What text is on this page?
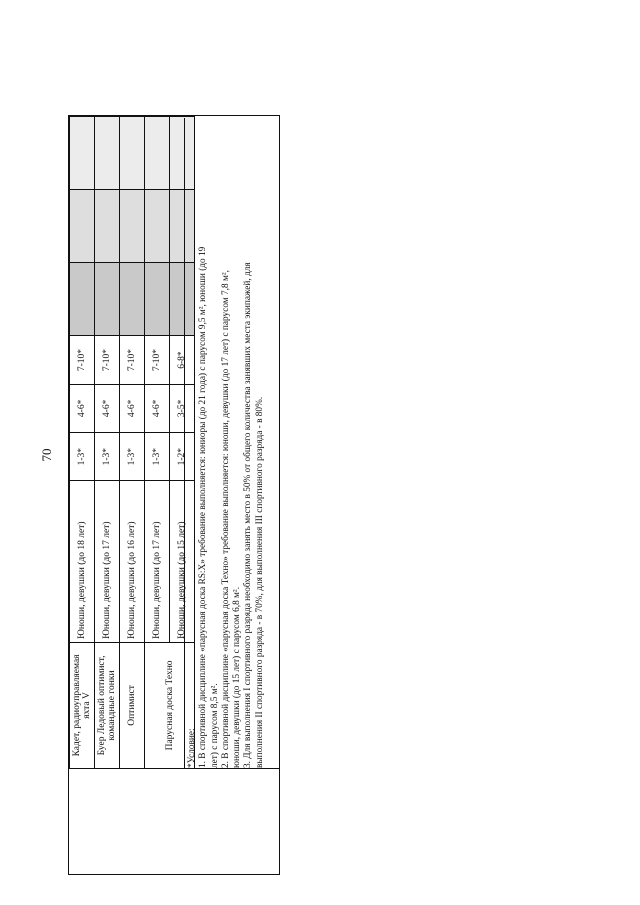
70
Кадет, радиоуправляемая яхта V	Юноши, девушки (до 18 лет)	1-3*	4-6*	7-10*			
Буер Ледовый оптимист, командные гонки	Юноши, девушки (до 17 лет)	1-3*	4-6*	7-10*			
Оптимист	Юноши, девушки (до 16 лет)	1-3*	4-6*	7-10*			
Парусная доска Техно	Юноши, девушки (до 17 лет)	1-3*	4-6*	7-10*			
	Юноши, девушки (до 15 лет)	1-2*	3-5*	6-8*			

*Условие: 1. В спортивной дисциплине «парусная доска RS:X» требование выполняется: юниоры (до 21 года) с парусом 9,5 м², юноши (до 19 лет) с парусом 8,5 м². 2. В спортивной дисциплине «парусная доска Техно» требование выполняется: юноши, девушки (до 17 лет) с парусом 7,8 м², юноши, девушки (до 15 лет) с парусом 6,8 м². 3. Для выполнения I спортивного разряда необходимо занять место в 50% от общего количества занявших места экипажей, для выполнения II спортивного разряда - в 70%, для выполнения III спортивного разряда - в 80%.
